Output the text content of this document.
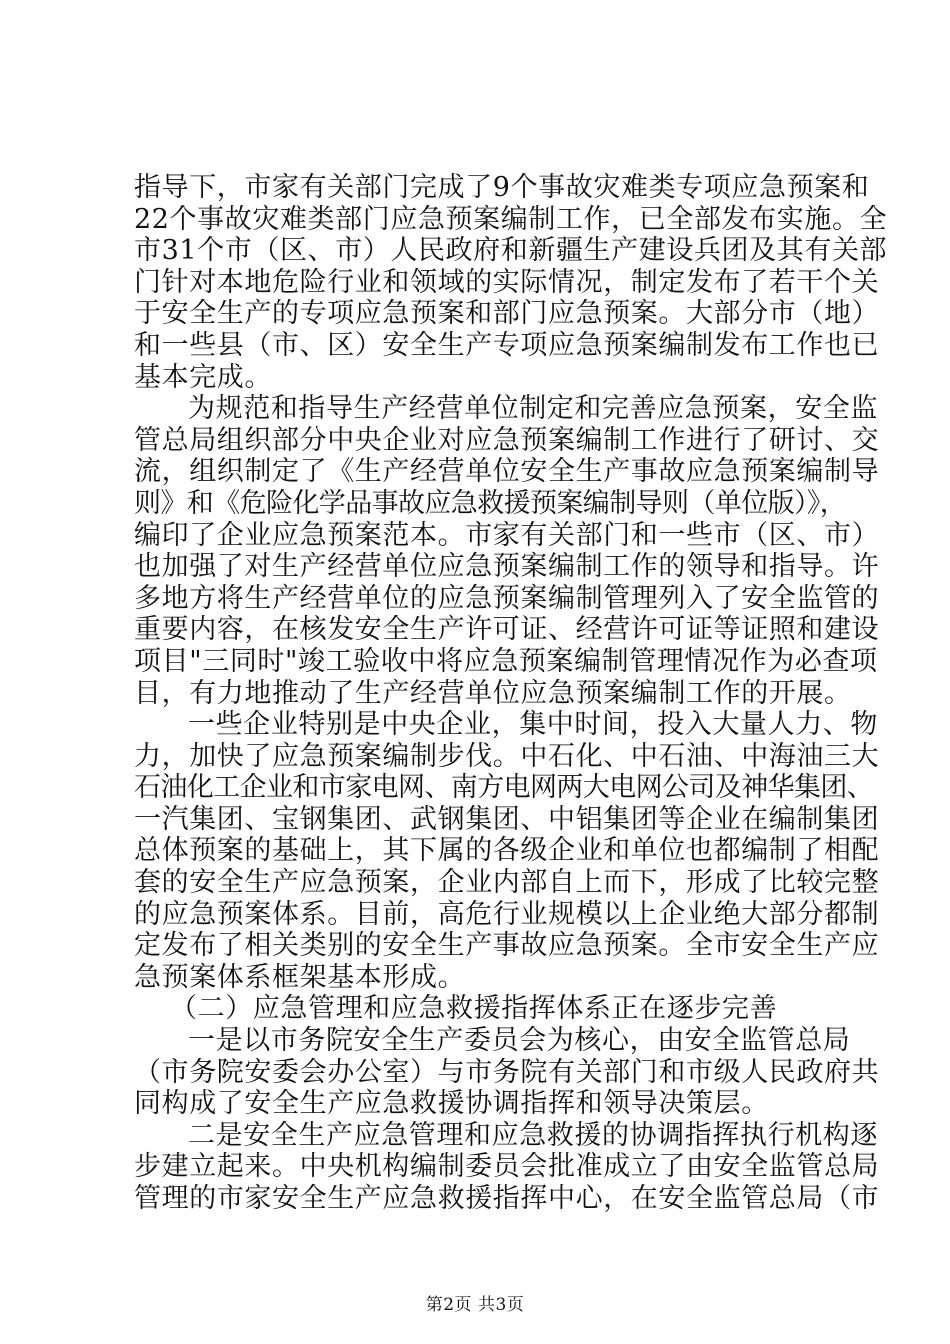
指导下，市家有关部门完成了9个事故灾难类专项应急预案和
22个事故灾难类部门应急预案编制工作，已全部发布实施。全
市31个市（区、市）人民政府和新疆生产建设兵团及其有关部
门针对本地危险行业和领域的实际情况，制定发布了若干个关
于安全生产的专项应急预案和部门应急预案。大部分市（地）
和一些县（市、区）安全生产专项应急预案编制发布工作也已
基本完成。
为规范和指导生产经营单位制定和完善应急预案，安全监
管总局组织部分中央企业对应急预案编制工作进行了研讨、交
流，组织制定了《生产经营单位安全生产事故应急预案编制导
则》和《危险化学品事故应急救援预案编制导则（单位版）》，
编印了企业应急预案范本。市家有关部门和一些市（区、市）
也加强了对生产经营单位应急预案编制工作的领导和指导。许
多地方将生产经营单位的应急预案编制管理列入了安全监管的
重要内容，在核发安全生产许可证、经营许可证等证照和建设
项目"三同时"竣工验收中将应急预案编制管理情况作为必查项
目，有力地推动了生产经营单位应急预案编制工作的开展。
一些企业特别是中央企业，集中时间，投入大量人力、物
力，加快了应急预案编制步伐。中石化、中石油、中海油三大
石油化工企业和市家电网、南方电网两大电网公司及神华集团、
一汽集团、宝钢集团、武钢集团、中铝集团等企业在编制集团
总体预案的基础上，其下属的各级企业和单位也都编制了相配
套的安全生产应急预案，企业内部自上而下，形成了比较完整
的应急预案体系。目前，高危行业规模以上企业绝大部分都制
定发布了相关类别的安全生产事故应急预案。全市安全生产应
急预案体系框架基本形成。
（二）应急管理和应急救援指挥体系正在逐步完善
一是以市务院安全生产委员会为核心，由安全监管总局
（市务院安委会办公室）与市务院有关部门和市级人民政府共
同构成了安全生产应急救援协调指挥和领导决策层。
二是安全生产应急管理和应急救援的协调指挥执行机构逐
步建立起来。中央机构编制委员会批准成立了由安全监管总局
管理的市家安全生产应急救援指挥中心，在安全监管总局（市
第2页 共3页
